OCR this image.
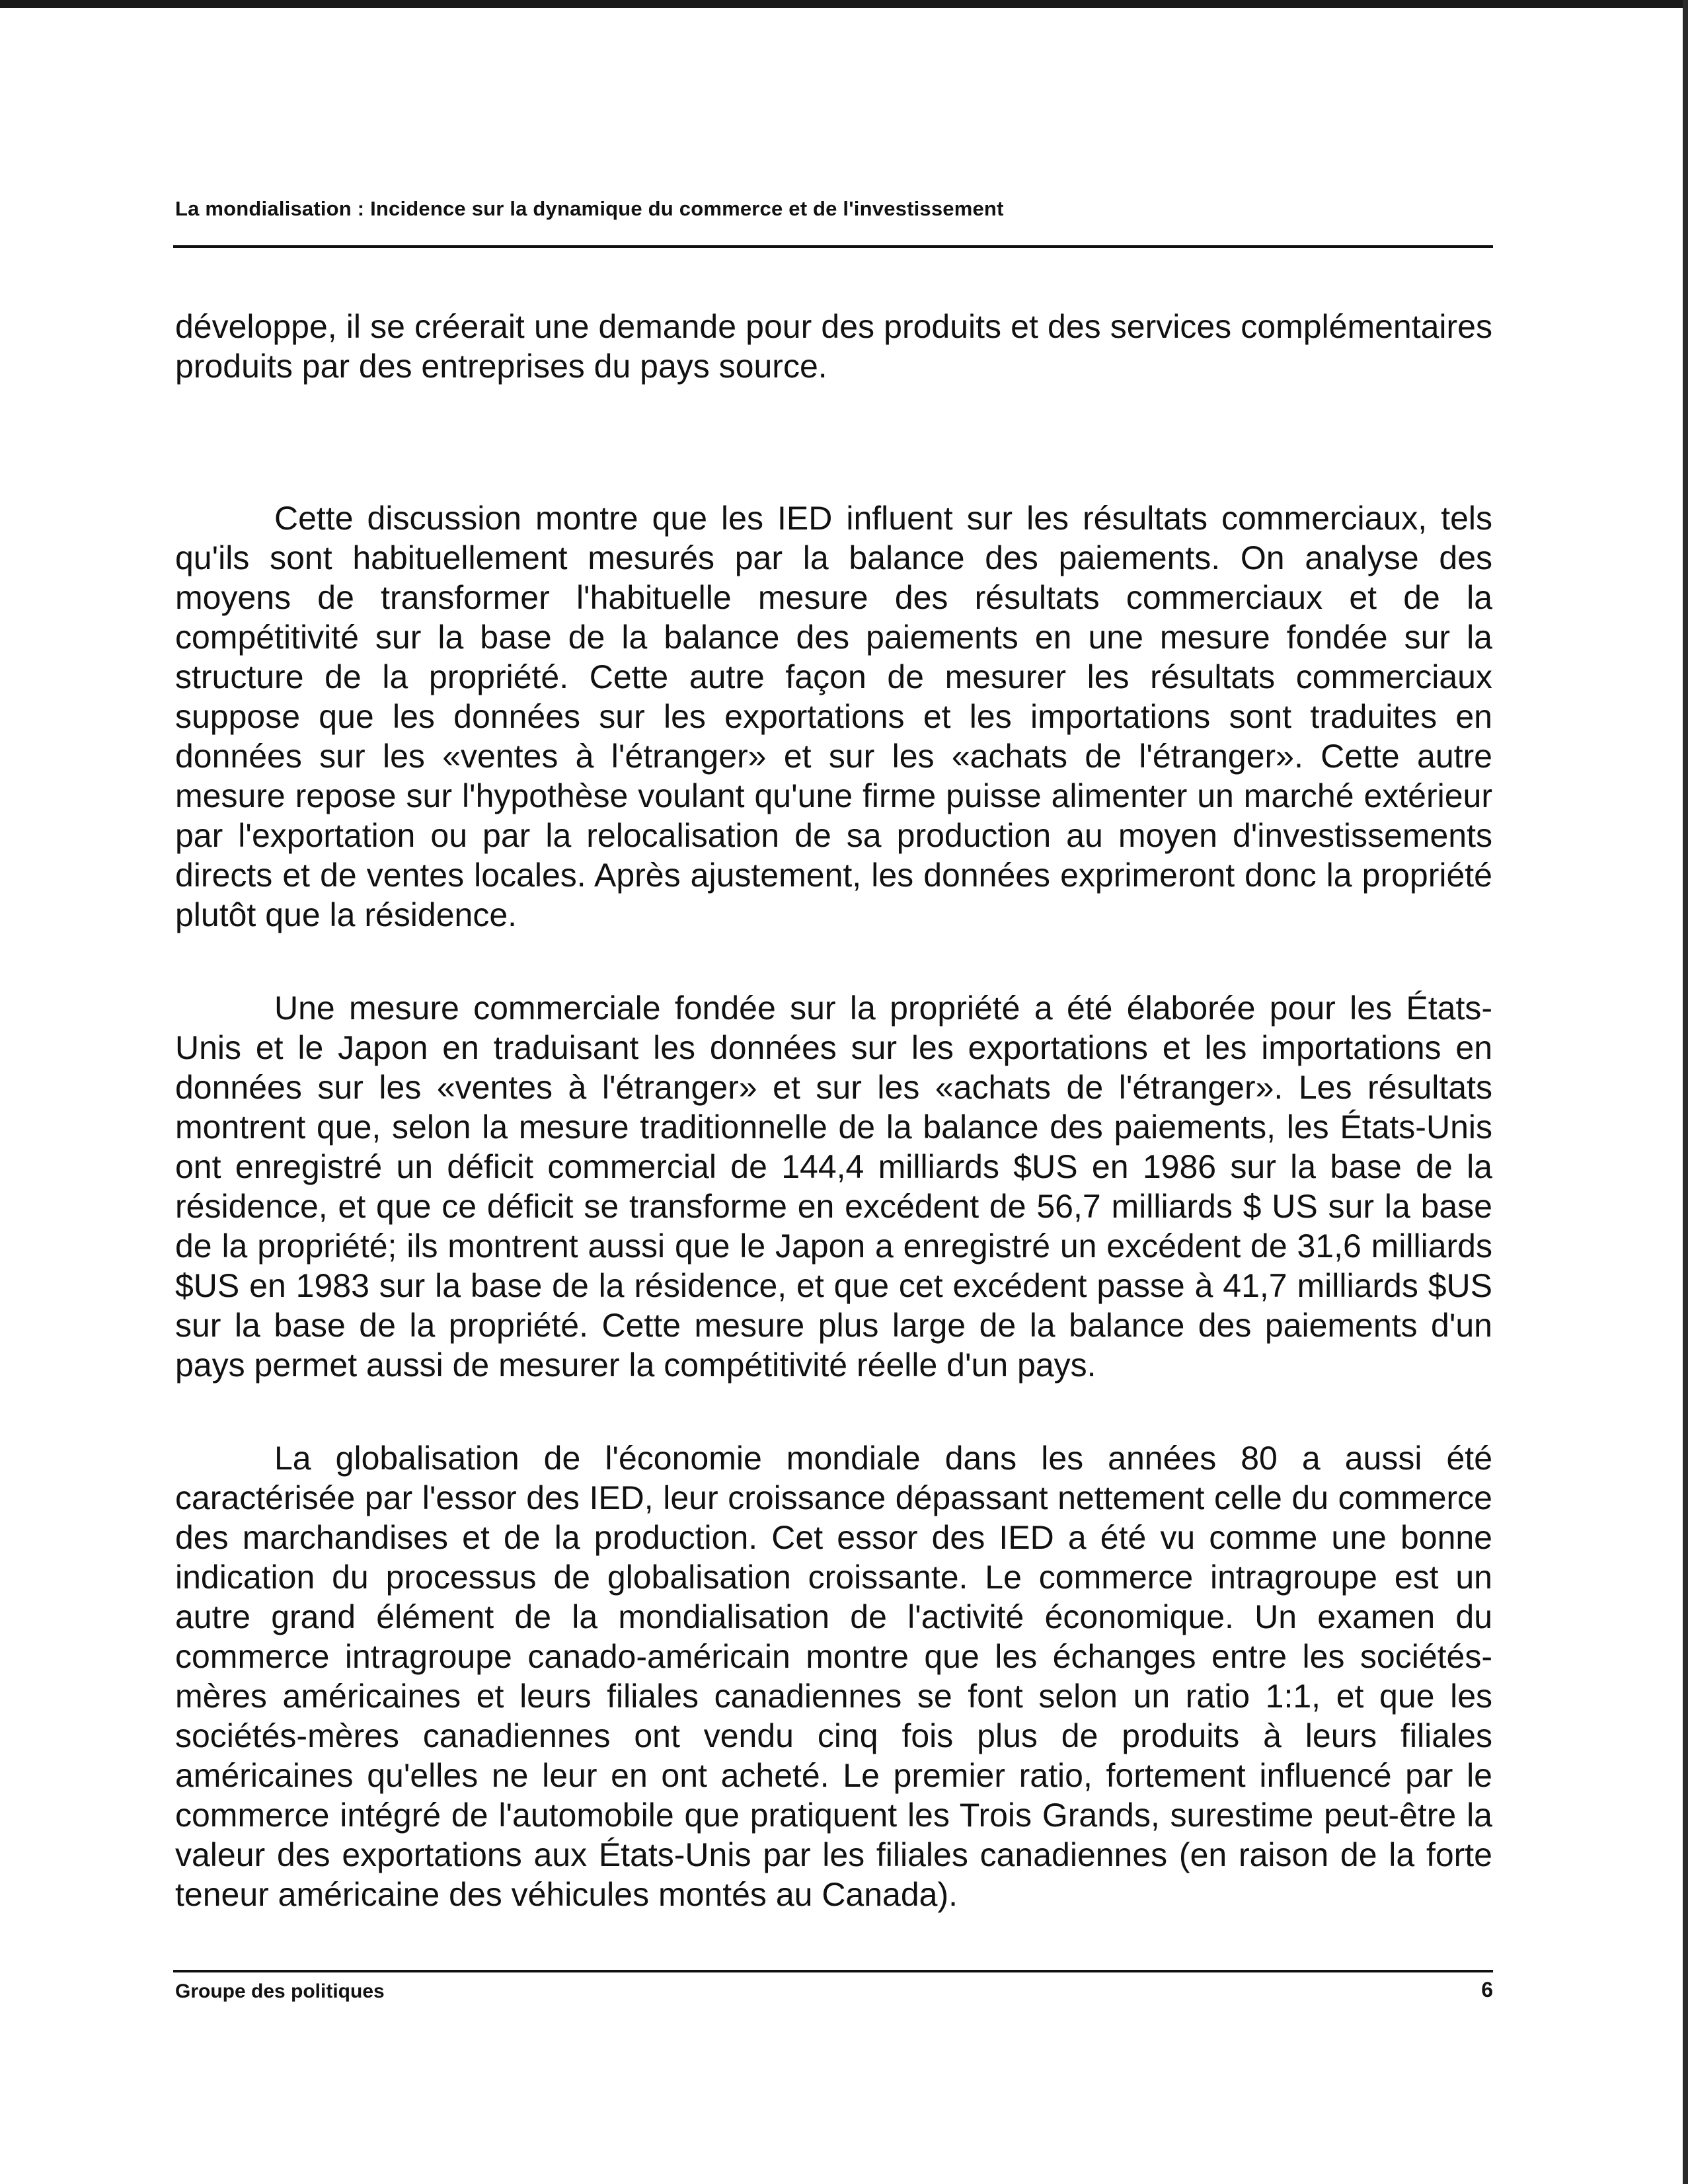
La mondialisation : Incidence sur la dynamique du commerce et de l'investissement

développe, il se créerait une demande pour des produits et des services complémentaires produits par des entreprises du pays source.

Cette discussion montre que les IED influent sur les résultats commerciaux, tels qu'ils sont habituellement mesurés par la balance des paiements. On analyse des moyens de transformer l'habituelle mesure des résultats commerciaux et de la compétitivité sur la base de la balance des paiements en une mesure fondée sur la structure de la propriété. Cette autre façon de mesurer les résultats commerciaux suppose que les données sur les exportations et les importations sont traduites en données sur les «ventes à l'étranger» et sur les «achats de l'étranger». Cette autre mesure repose sur l'hypothèse voulant qu'une firme puisse alimenter un marché extérieur par l'exportation ou par la relocalisation de sa production au moyen d'investissements directs et de ventes locales. Après ajustement, les données exprimeront donc la propriété plutôt que la résidence.

Une mesure commerciale fondée sur la propriété a été élaborée pour les États-Unis et le Japon en traduisant les données sur les exportations et les importations en données sur les «ventes à l'étranger» et sur les «achats de l'étranger». Les résultats montrent que, selon la mesure traditionnelle de la balance des paiements, les États-Unis ont enregistré un déficit commercial de 144,4 milliards $US en 1986 sur la base de la résidence, et que ce déficit se transforme en excédent de 56,7 milliards $ US sur la base de la propriété; ils montrent aussi que le Japon a enregistré un excédent de 31,6 milliards $US en 1983 sur la base de la résidence, et que cet excédent passe à 41,7 milliards $US sur la base de la propriété. Cette mesure plus large de la balance des paiements d'un pays permet aussi de mesurer la compétitivité réelle d'un pays.

La globalisation de l'économie mondiale dans les années 80 a aussi été caractérisée par l'essor des IED, leur croissance dépassant nettement celle du commerce des marchandises et de la production. Cet essor des IED a été vu comme une bonne indication du processus de globalisation croissante. Le commerce intragroupe est un autre grand élément de la mondialisation de l'activité économique. Un examen du commerce intragroupe canado-américain montre que les échanges entre les sociétés-mères américaines et leurs filiales canadiennes se font selon un ratio 1:1, et que les sociétés-mères canadiennes ont vendu cinq fois plus de produits à leurs filiales américaines qu'elles ne leur en ont acheté. Le premier ratio, fortement influencé par le commerce intégré de l'automobile que pratiquent les Trois Grands, surestime peut-être la valeur des exportations aux États-Unis par les filiales canadiennes (en raison de la forte teneur américaine des véhicules montés au Canada).

Groupe des politiques	6
